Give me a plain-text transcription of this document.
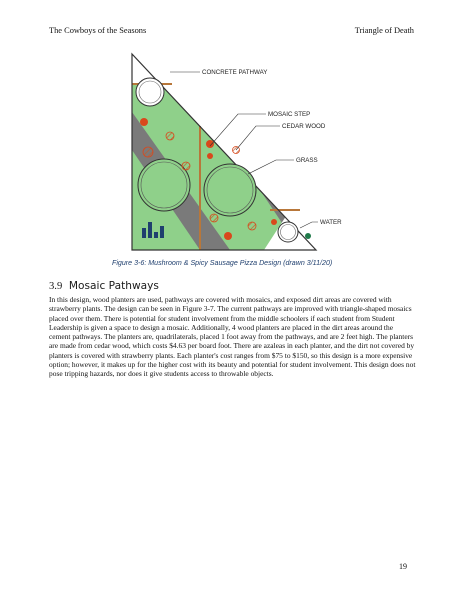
The Cowboys of the Seasons	Triangle of Death
CONCRETE PATHWAY
MOSAIC STEP
CEDAR WOOD
GRASS
WATER
Figure 3-6: Mushroom & Spicy Sausage Pizza Design (drawn 3/11/20)
3.9 Mosaic Pathways

In this design, wood planters are used, pathways are covered with mosaics, and exposed dirt areas are covered with strawberry plants. The design can be seen in Figure 3-7. The current pathways are improved with triangle-shaped mosaics placed over them. There is potential for student involvement from the middle schoolers if each student from Student Leadership is given a space to design a mosaic. Additionally, 4 wood planters are placed in the dirt areas around the cement pathways. The planters are, quadrilaterals, placed 1 foot away from the pathways, and are 2 feet high. The planters are made from cedar wood, which costs $4.63 per board foot. There are azaleas in each planter, and the dirt not covered by planters is covered with strawberry plants. Each planter's cost ranges from $75 to $150, so this design is a more expensive option; however, it makes up for the higher cost with its beauty and potential for student involvement. This design does not pose tripping hazards, nor does it give students access to throwable objects.

19
